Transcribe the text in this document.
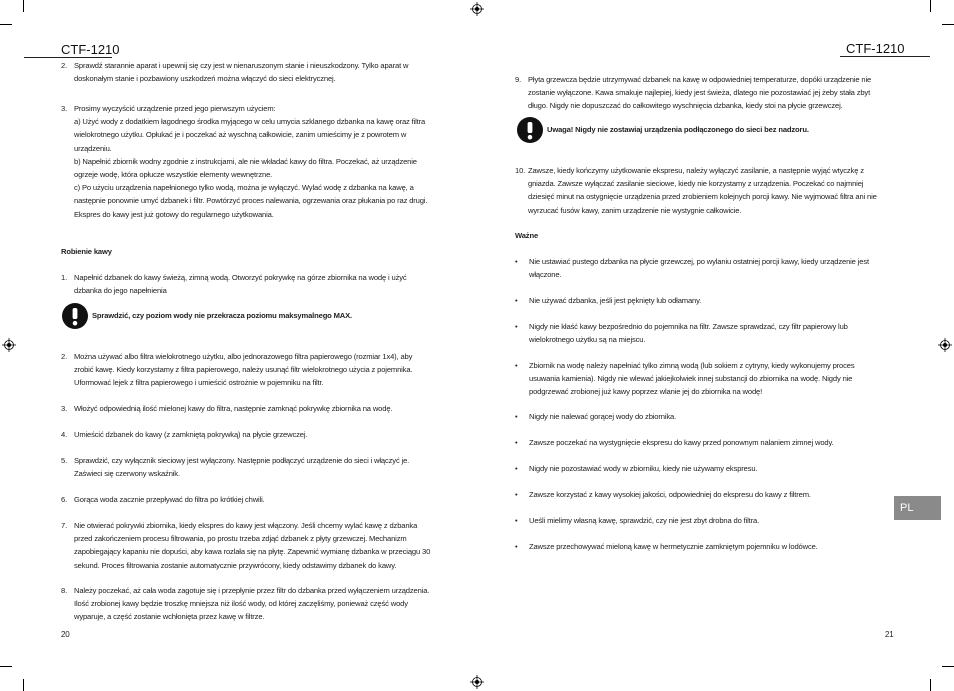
CTF-1210	CTF-1210
2. Sprawdź starannie aparat i upewnij się czy jest w nienaruszonym stanie i nieuszkodzony. Tylko aparat w
doskonałym stanie i pozbawiony uszkodzeń można włączyć do sieci elektrycznej.
3. Prosimy wyczyścić urządzenie przed jego pierwszym użyciem:
a) Użyć wody z dodatkiem łagodnego środka myjącego w celu umycia szklanego dzbanka na kawę oraz filtra
wielokrotnego użytku. Opłukać je i poczekać aż wyschną całkowicie, zanim umieścimy je z powrotem w
urządzeniu.
b) Napełnić zbiornik wodny zgodnie z instrukcjami, ale nie wkładać kawy do filtra. Poczekać, aż urządzenie
ogrzeje wodę, która opłucze wszystkie elementy wewnętrzne.
c) Po użyciu urządzenia napełnionego tylko wodą, można je wyłączyć. Wylać wodę z dzbanka na kawę, a
następnie ponownie umyć dzbanek i filtr. Powtórzyć proces nalewania, ogrzewania oraz płukania po raz drugi.
Ekspres do kawy jest już gotowy do regularnego użytkowania.
Robienie kawy
1. Napełnić dzbanek do kawy świeżą, zimną wodą. Otworzyć pokrywkę na górze zbiornika na wodę i użyć
dzbanka do jego napełnienia
Sprawdzić, czy poziom wody nie przekracza poziomu maksymalnego MAX.
2. Można używać albo filtra wielokrotnego użytku, albo jednorazowego filtra papierowego (rozmiar 1x4), aby
zrobić kawę. Kiedy korzystamy z filtra papierowego, należy usunąć filtr wielokrotnego użycia z pojemnika.
Uformować lejek z filtra papierowego i umieścić ostrożnie w pojemniku na filtr.
3. Włożyć odpowiednią ilość mielonej kawy do filtra, następnie zamknąć pokrywkę zbiornika na wodę.
4. Umieścić dzbanek do kawy (z zamkniętą pokrywką) na płycie grzewczej.
5. Sprawdzić, czy wyłącznik sieciowy jest wyłączony. Następnie podłączyć urządzenie do sieci i włączyć je.
Zaświeci się czerwony wskaźnik.
6. Gorąca woda zacznie przepływać do filtra po krótkiej chwili.
7. Nie otwierać pokrywki zbiornika, kiedy ekspres do kawy jest włączony. Jeśli chcemy wylać kawę z dzbanka
przed zakończeniem procesu filtrowania, po prostu trzeba zdjąć dzbanek z płyty grzewczej. Mechanizm
zapobiegający kapaniu nie dopuści, aby kawa rozlała się na płytę. Zapewnić wymianę dzbanka w przeciągu 30
sekund. Proces filtrowania zostanie automatycznie przywrócony, kiedy odstawimy dzbanek do kawy.
8. Należy poczekać, aż cała woda zagotuje się i przepłynie przez filtr do dzbanka przed wyłączeniem urządzenia.
Ilość zrobionej kawy będzie troszkę mniejsza niż ilość wody, od której zaczęliśmy, ponieważ część wody
wyparuje, a część zostanie wchłonięta przez kawę w filtrze.
20
9. Płyta grzewcza będzie utrzymywać dzbanek na kawę w odpowiedniej temperaturze, dopóki urządzenie nie
zostanie wyłączone. Kawa smakuje najlepiej, kiedy jest świeża, dlatego nie pozostawiać jej żeby stała zbyt
długo. Nigdy nie dopuszczać do całkowitego wyschnięcia dzbanka, kiedy stoi na płycie grzewczej.
Uwaga! Nigdy nie zostawiaj urządzenia podłączonego do sieci bez nadzoru.
10. Zawsze, kiedy kończymy użytkowanie ekspresu, należy wyłączyć zasilanie, a następnie wyjąć wtyczkę z
gniazda. Zawsze wyłączać zasilanie sieciowe, kiedy nie korzystamy z urządzenia. Poczekać co najmniej
dziesięć minut na ostygnięcie urządzenia przed zrobieniem kolejnych porcji kawy. Nie wyjmować filtra ani nie
wyrzucać fusów kawy, zanim urządzenie nie wystygnie całkowicie.
Ważne
•	Nie ustawiać pustego dzbanka na płycie grzewczej, po wylaniu ostatniej porcji kawy, kiedy urządzenie jest
włączone.
•	Nie używać dzbanka, jeśli jest pęknięty lub odłamany.
•	Nigdy nie kłaść kawy bezpośrednio do pojemnika na filtr. Zawsze sprawdzać, czy filtr papierowy lub
wielokrotnego użytku są na miejscu.
•	Zbiornik na wodę należy napełniać tylko zimną wodą (lub sokiem z cytryny, kiedy wykonujemy proces
usuwania kamienia). Nigdy nie wlewać jakiejkolwiek innej substancji do zbiornika na wodę. Nigdy nie
podgrzewać zrobionej już kawy poprzez wlanie jej do zbiornika na wodę!
•	Nigdy nie nalewać gorącej wody do zbiornika.
•	Zawsze poczekać na wystygnięcie ekspresu do kawy przed ponownym nalaniem zimnej wody.
•	Nigdy nie pozostawiać wody w zbiorniku, kiedy nie używamy ekspresu.
•	Zawsze korzystać z kawy wysokiej jakości, odpowiedniej do ekspresu do kawy z filtrem.
•	Ueśli mielimy własną kawę, sprawdzić, czy nie jest zbyt drobna do filtra.
•	Zawsze przechowywać mieloną kawę w hermetycznie zamkniętym pojemniku w lodówce.
21
PL
